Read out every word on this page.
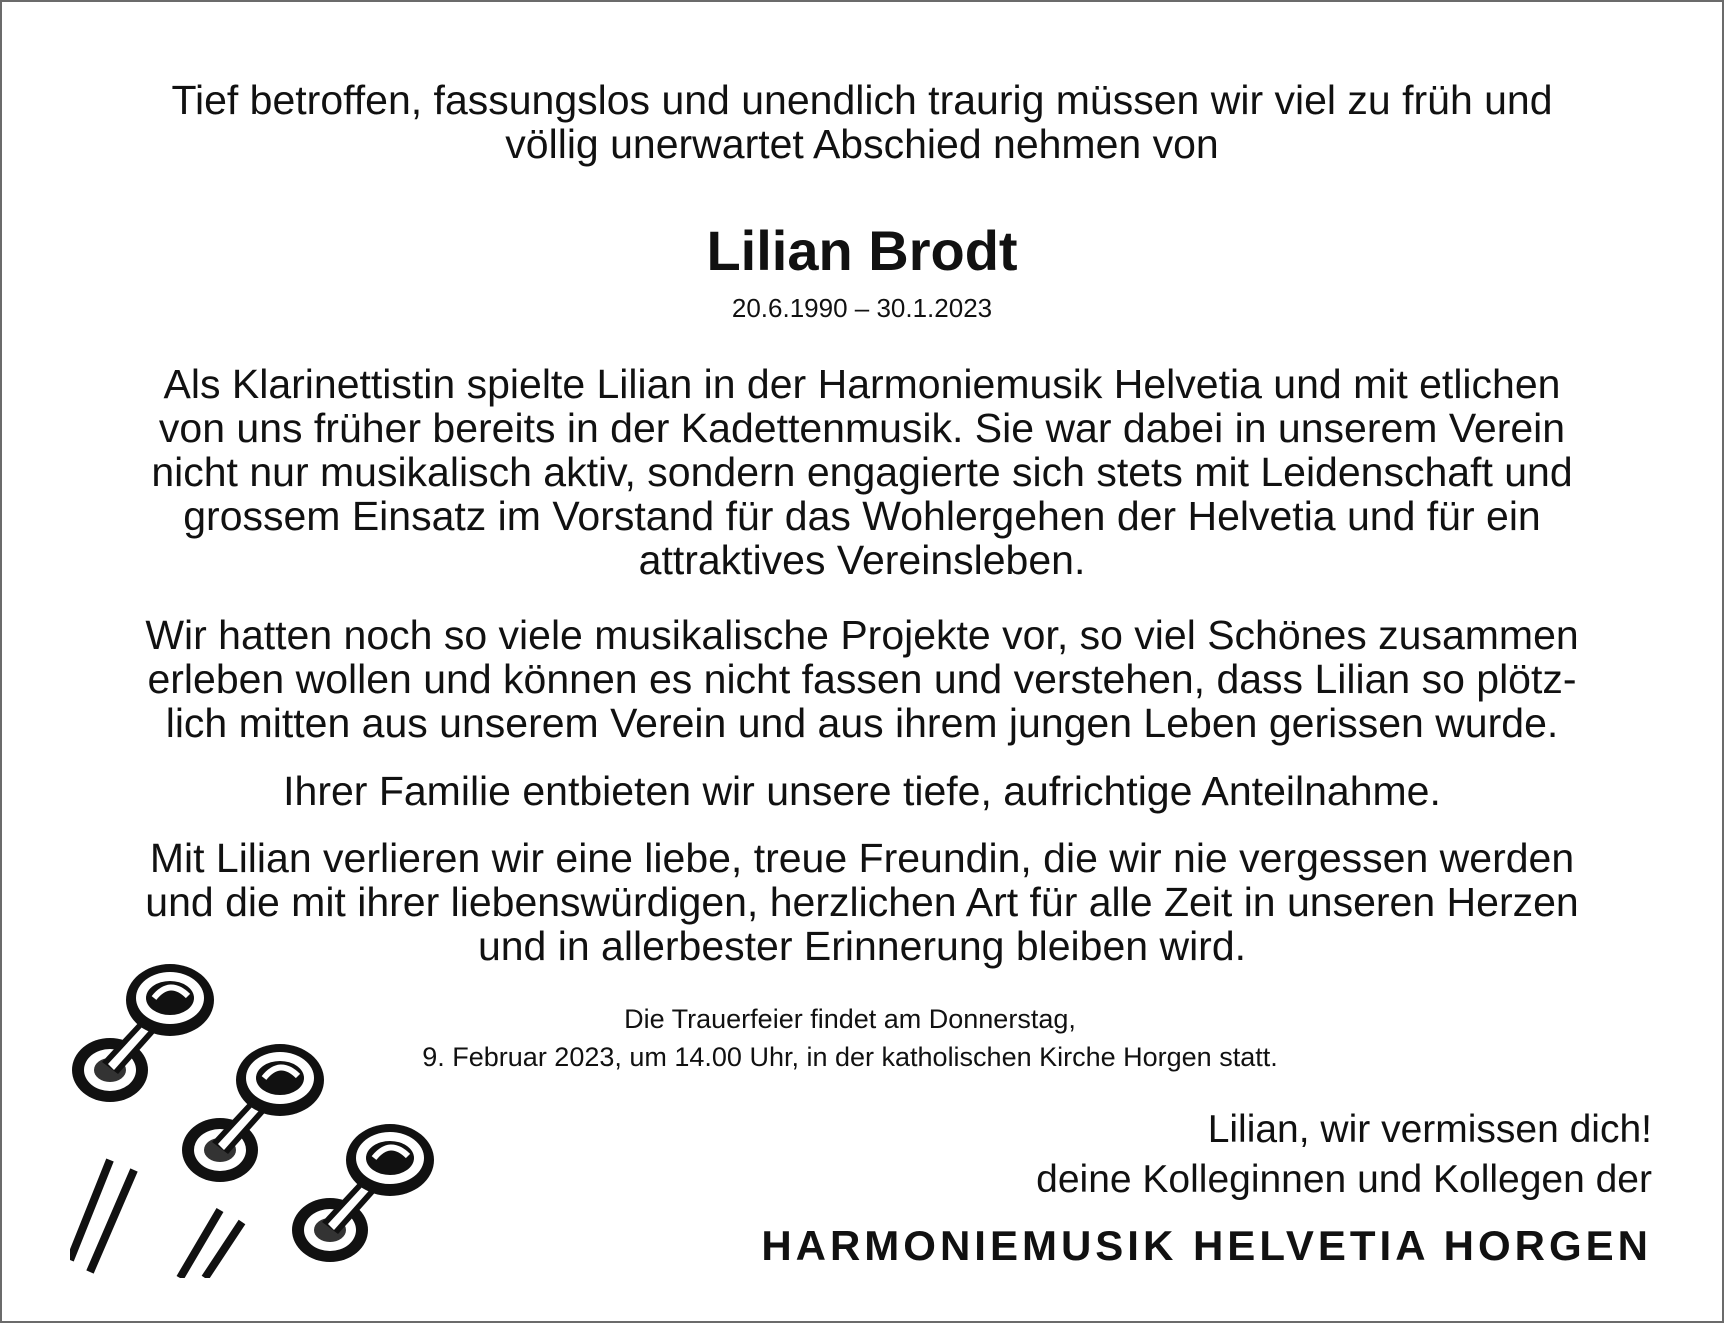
Tief betroffen, fassungslos und unendlich traurig müssen wir viel zu früh und
völlig unerwartet Abschied nehmen von

Lilian Brodt

20.6.1990 – 30.1.2023

Als Klarinettistin spielte Lilian in der Harmoniemusik Helvetia und mit etlichen
von uns früher bereits in der Kadettenmusik. Sie war dabei in unserem Verein
nicht nur musikalisch aktiv, sondern engagierte sich stets mit Leidenschaft und
grossem Einsatz im Vorstand für das Wohlergehen der Helvetia und für ein
attraktives Vereinsleben.

Wir hatten noch so viele musikalische Projekte vor, so viel Schönes zusammen
erleben wollen und können es nicht fassen und verstehen, dass Lilian so plötz-
lich mitten aus unserem Verein und aus ihrem jungen Leben gerissen wurde.

Ihrer Familie entbieten wir unsere tiefe, aufrichtige Anteilnahme.

Mit Lilian verlieren wir eine liebe, treue Freundin, die wir nie vergessen werden
und die mit ihrer liebenswürdigen, herzlichen Art für alle Zeit in unseren Herzen
und in allerbester Erinnerung bleiben wird.

Die Trauerfeier findet am Donnerstag,
9. Februar 2023, um 14.00 Uhr, in der katholischen Kirche Horgen statt.

Lilian, wir vermissen dich!
deine Kolleginnen und Kollegen der

HARMONIEMUSIK HELVETIA HORGEN
